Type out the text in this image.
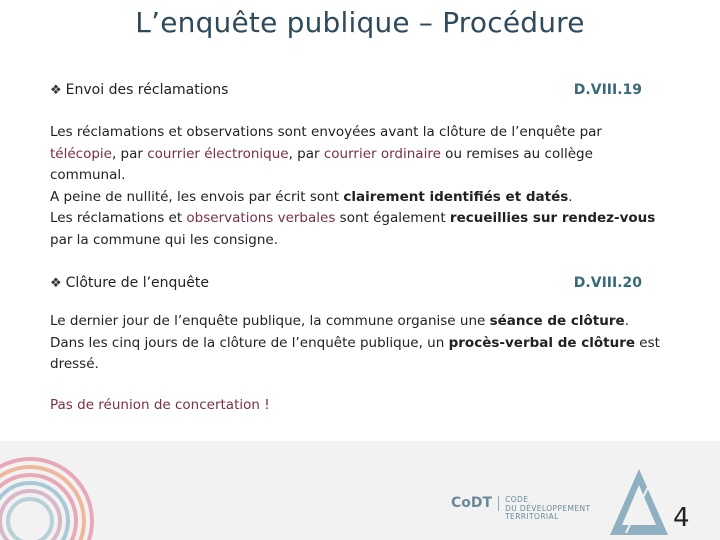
L’enquête publique – Procédure
❖ Envoi des réclamations	D.VIII.19
Les réclamations et observations sont envoyées avant la clôture de l’enquête par
télécopie, par courrier électronique, par courrier ordinaire ou remises au collège communal.
A peine de nullité, les envois par écrit sont clairement identifiés et datés.
Les réclamations et observations verbales sont également recueillies sur rendez-vous par la commune qui les consigne.
❖ Clôture de l’enquête	D.VIII.20
Le dernier jour de l’enquête publique, la commune organise une séance de clôture. Dans les cinq jours de la clôture de l’enquête publique, un procès-verbal de clôture est dressé.
Pas de réunion de concertation !
CoDT	CODE
DU DÉVELOPPEMENT
TERRITORIAL	4
